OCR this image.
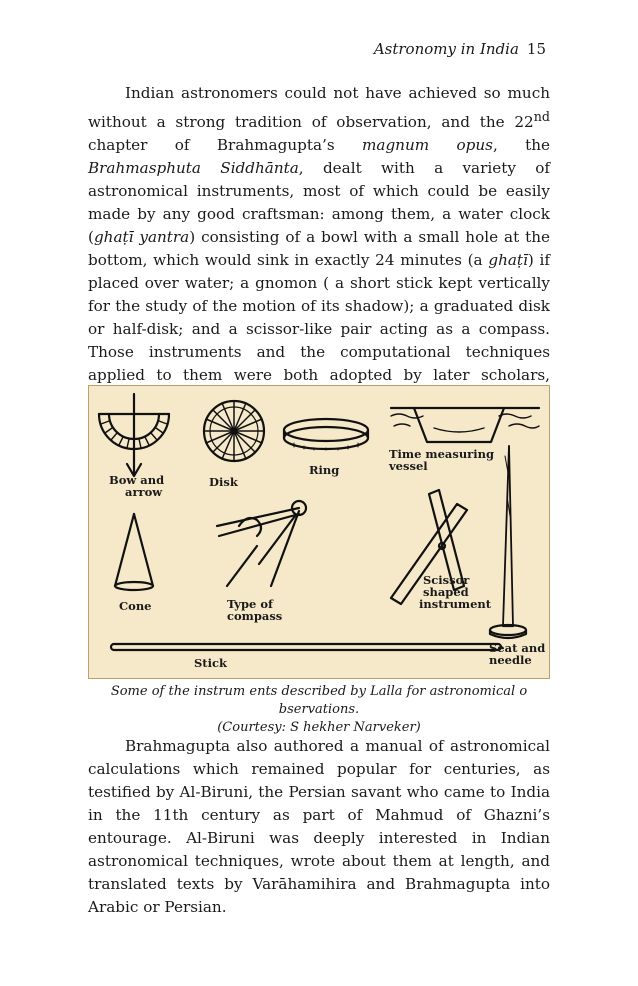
Astronomy in India 15

Indian astronomers could not have achieved so much without a strong tradition of observation, and the 22nd chapter of Brahmagupta’s magnum opus, the Brahmasphuta Siddhānta, dealt with a variety of astronomical instruments, most of which could be easily made by any good craftsman: among them, a water clock (ghaṭī yantra) consisting of a bowl with a small hole at the bottom, which would sink in exactly 24 minutes (a ghaṭī) if placed over water; a gnomon ( a short stick kept vertically for the study of the motion of its shadow); a graduated disk or half-disk; and a scissor-like pair acting as a compass. Those instruments and the computational techniques applied to them were both adopted by later scholars,

Bow and
arrow
Disk
Ring
Time measuring
vessel
Cone	Type of
compass
Scissor
shaped
instrument
Seat and
needle
Stick
Some of the instrum ents described by Lalla for astronomical o bservations.
(Courtesy: S hekher Narveker)

Brahmagupta also authored a manual of astronomical calculations which remained popular for centuries, as testified by Al-Biruni, the Persian savant who came to India in the 11th century as part of Mahmud of Ghazni’s entourage. Al-Biruni was deeply interested in Indian astronomical techniques, wrote about them at length, and translated texts by Varāhamihira and Brahmagupta into Arabic or Persian.
